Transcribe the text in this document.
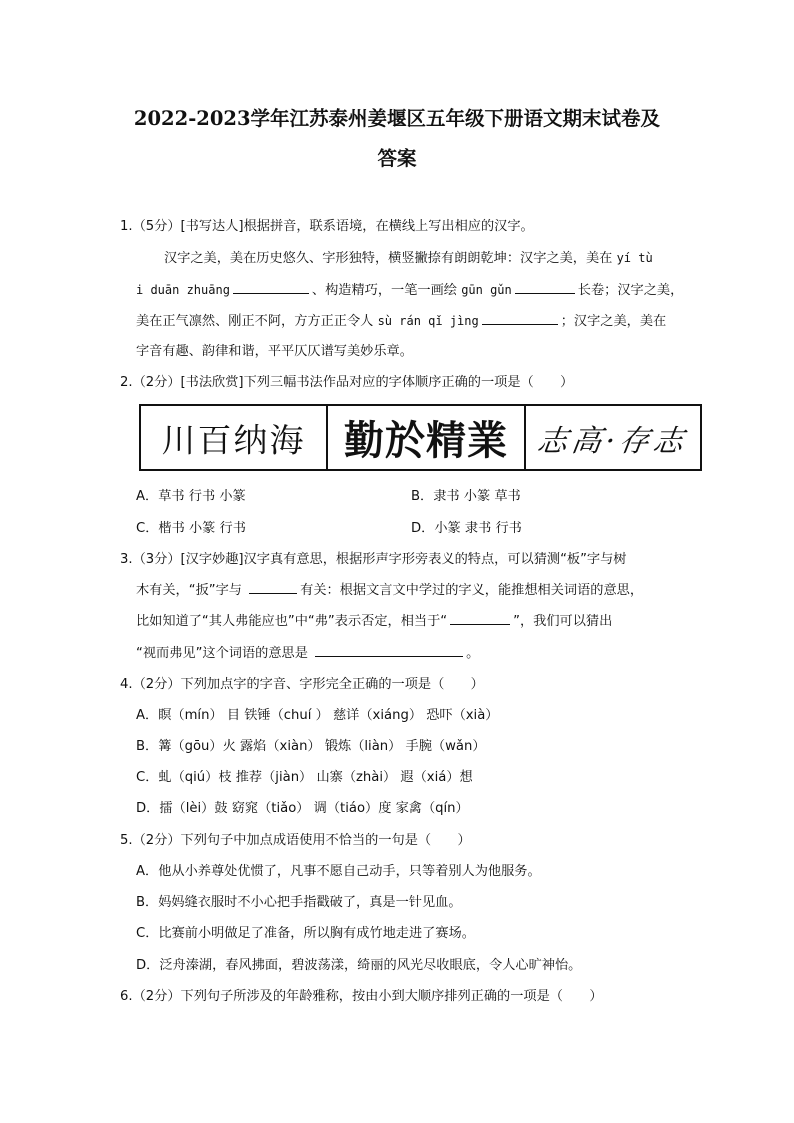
2022-2023学年江苏泰州姜堰区五年级下册语文期末试卷及
答案
1.（5分）[书写达人]根据拼音，联系语境，在横线上写出相应的汉字。
汉字之美，美在历史悠久、字形独特，横竖撇捺有朗朗乾坤：汉字之美，美在 yí tù
i duān zhuāng	、构造精巧，一笔一画绘 gūn gǔn	长卷；汉字之美，
美在正气凛然、刚正不阿，方方正正令人 sù rán qǐ jìng	；汉字之美，美在
字音有趣、韵律和谐，平平仄仄谱写美妙乐章。
2.（2分）[书法欣赏]下列三幅书法作品对应的字体顺序正确的一项是（　　）
川百纳海 勤於精業 志高·存志
A．草书 行书 小篆	B．隶书 小篆 草书
C．楷书 小篆 行书	D．小篆 隶书 行书
3.（3分）[汉字妙趣]汉字真有意思，根据形声字形旁表义的特点，可以猜测“板”字与树
木有关，“扳”字与	有关：根据文言文中学过的字义，能推想相关词语的意思，
比如知道了“其人弗能应也”中“弗”表示否定，相当于“	”，我们可以猜出
“视而弗见”这个词语的意思是	。
4.（2分）下列加点字的字音、字形完全正确的一项是（　　）
A．瞑（mín） 目 铁锤（chuí ） 慈详（xiáng） 恐吓（xià）
B．篝（gōu）火 露焰（xiàn） 锻炼（liàn） 手腕（wǎn）
C．虬（qiú）枝 推荐（jiàn） 山寨（zhài） 遐（xiá）想
D．擂（lèi）鼓 窈窕（tiǎo） 调（tiáo）度 家禽（qín）
5.（2分）下列句子中加点成语使用不恰当的一句是（　　）
A．他从小养尊处优惯了，凡事不愿自己动手，只等着别人为他服务。
B．妈妈缝衣服时不小心把手指戳破了，真是一针见血。
C．比赛前小明做足了准备，所以胸有成竹地走进了赛场。
D．泛舟溱湖，春风拂面，碧波荡漾，绮丽的风光尽收眼底，令人心旷神怡。
6.（2分）下列句子所涉及的年龄雅称，按由小到大顺序排列正确的一项是（　　）
